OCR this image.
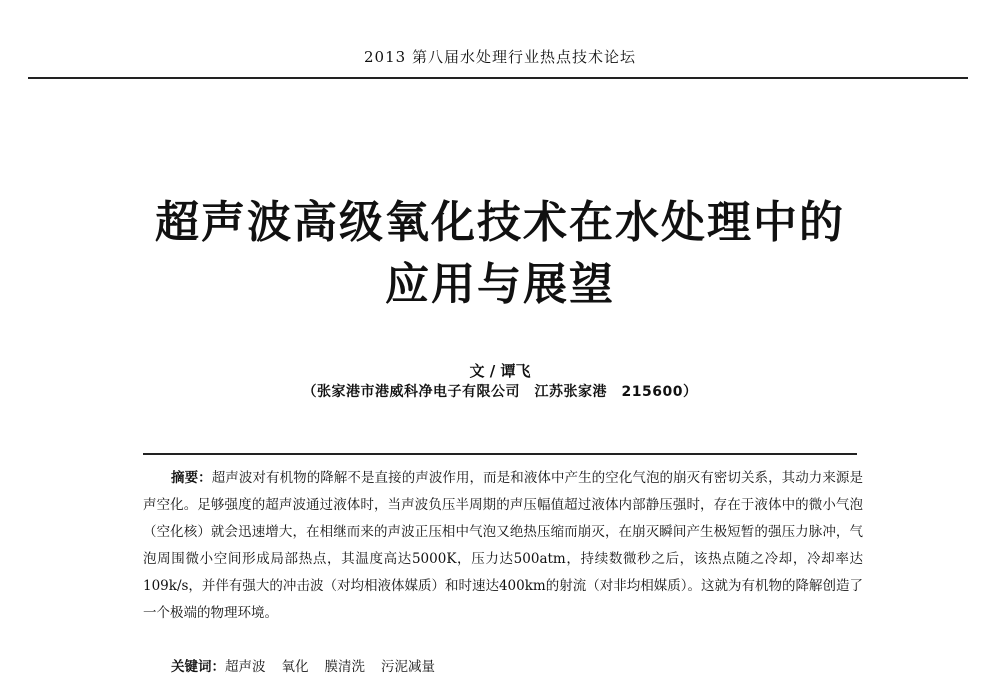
2013 第八届水处理行业热点技术论坛
超声波高级氧化技术在水处理中的
应用与展望
文 / 谭飞
（张家港市港威科净电子有限公司　江苏张家港　215600）
摘要：超声波对有机物的降解不是直接的声波作用，而是和液体中产生的空化气泡的崩灭有密切关系，其动力来源是声空化。足够强度的超声波通过液体时，当声波负压半周期的声压幅值超过液体内部静压强时，存在于液体中的微小气泡（空化核）就会迅速增大，在相继而来的声波正压相中气泡又绝热压缩而崩灭，在崩灭瞬间产生极短暂的强压力脉冲，气泡周围微小空间形成局部热点，其温度高达5000K，压力达500atm，持续数微秒之后，该热点随之冷却，冷却率达109k/s，并伴有强大的冲击波（对均相液体媒质）和时速达400km的射流（对非均相媒质）。这就为有机物的降解创造了一个极端的物理环境。
关键词：超声波 氧化 膜清洗 污泥减量
